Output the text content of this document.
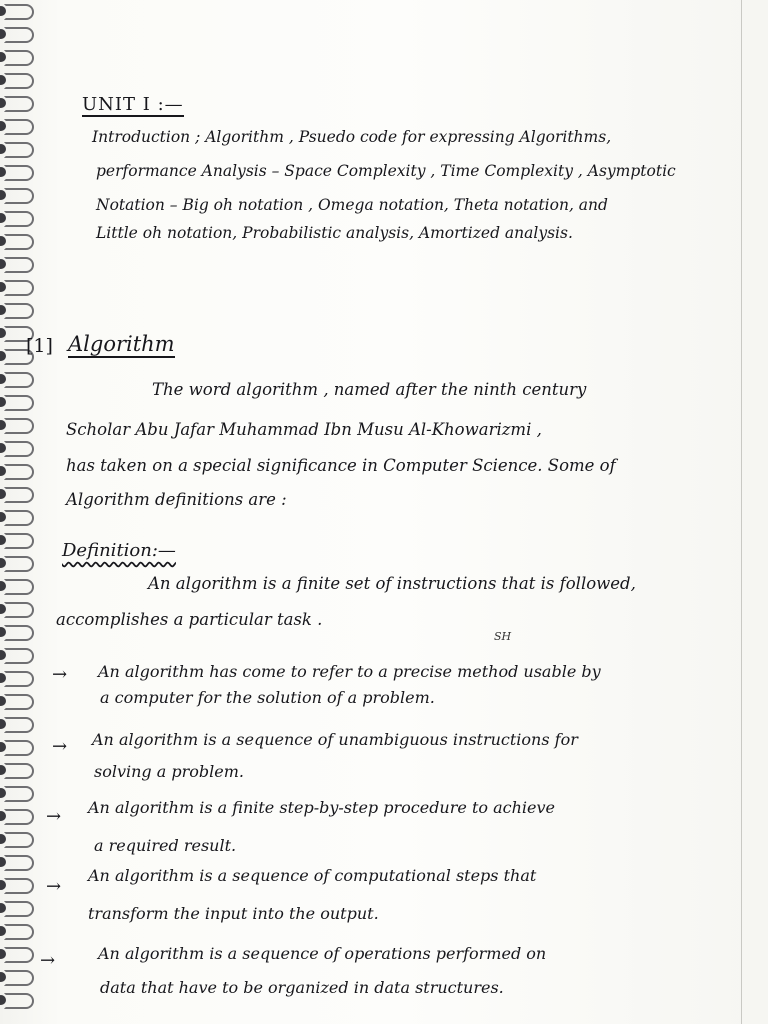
UNIT I :—
Introduction ; Algorithm , Psuedo code for expressing Algorithms,
performance Analysis – Space Complexity , Time Complexity , Asymptotic
Notation – Big oh notation , Omega notation, Theta notation, and
Little oh notation, Probabilistic analysis, Amortized analysis.
[1] Algorithm
The word algorithm , named after the ninth century
Scholar Abu Jafar Muhammad Ibn Musu Al-Khowarizmi ,
has taken on a special significance in Computer Science. Some of
Algorithm definitions are :
Definition:—
An algorithm is a finite set of instructions that is followed,
accomplishes a particular task .
SH
→ An algorithm has come to refer to a precise method usable by
a computer for the solution of a problem.
→ An algorithm is a sequence of unambiguous instructions for
solving a problem.
→ An algorithm is a finite step-by-step procedure to achieve
a required result.
→
An algorithm is a sequence of computational steps that
transform the input into the output.
→	An algorithm is a sequence of operations performed on
data that have to be organized in data structures.
